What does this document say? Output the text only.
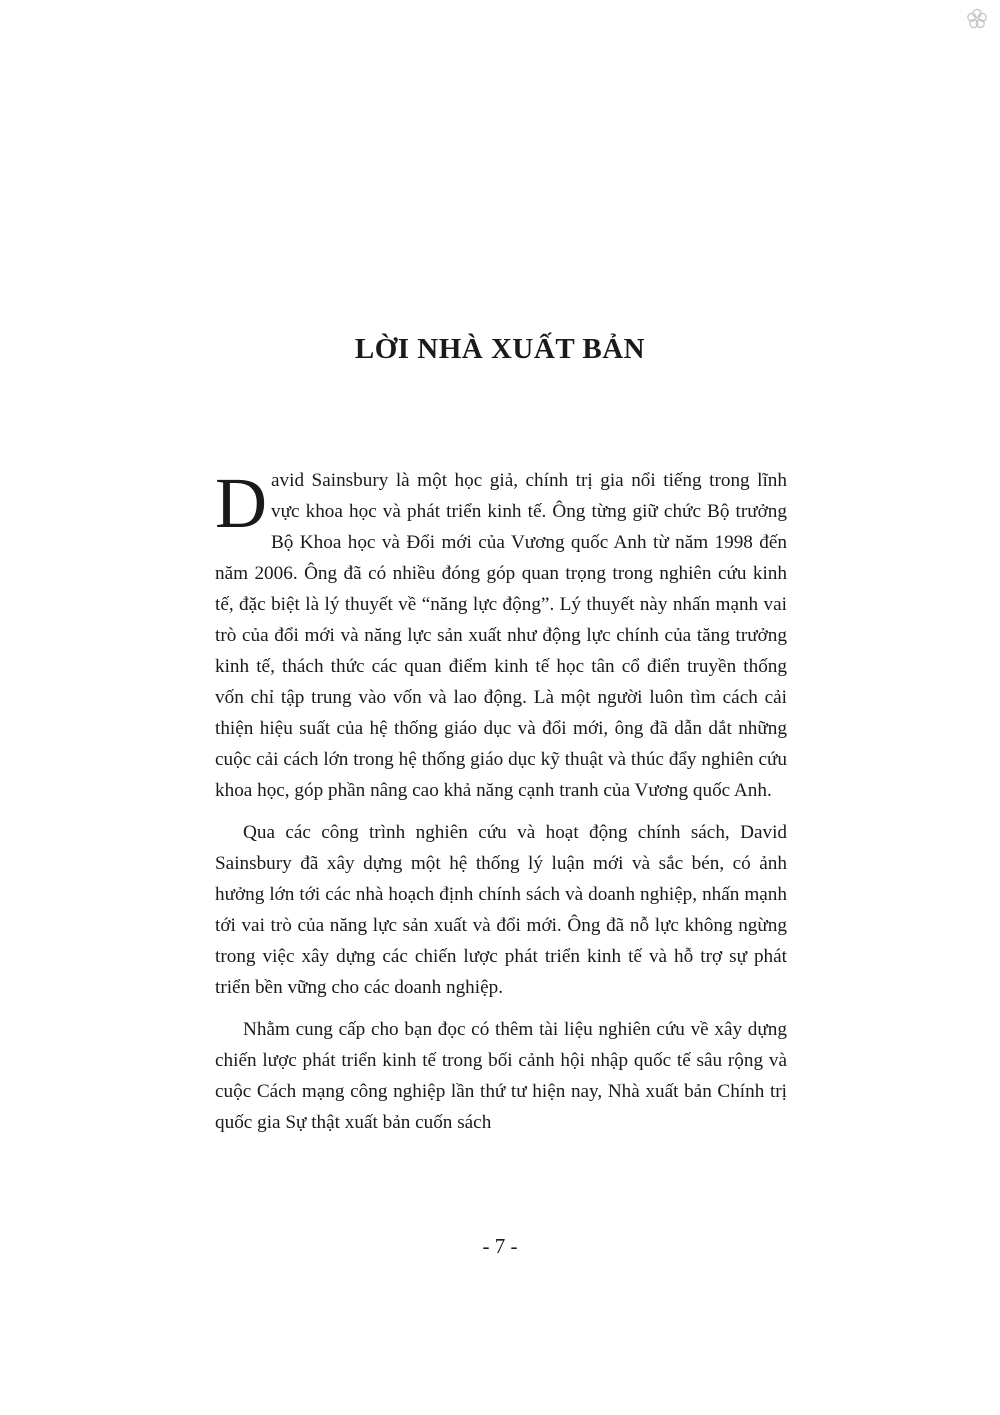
LỜI NHÀ XUẤT BẢN

David Sainsbury là một học giả, chính trị gia nổi tiếng trong lĩnh vực khoa học và phát triển kinh tế. Ông từng giữ chức Bộ trưởng Bộ Khoa học và Đổi mới của Vương quốc Anh từ năm 1998 đến năm 2006. Ông đã có nhiều đóng góp quan trọng trong nghiên cứu kinh tế, đặc biệt là lý thuyết về “năng lực động”. Lý thuyết này nhấn mạnh vai trò của đổi mới và năng lực sản xuất như động lực chính của tăng trưởng kinh tế, thách thức các quan điểm kinh tế học tân cổ điển truyền thống vốn chỉ tập trung vào vốn và lao động. Là một người luôn tìm cách cải thiện hiệu suất của hệ thống giáo dục và đổi mới, ông đã dẫn dắt những cuộc cải cách lớn trong hệ thống giáo dục kỹ thuật và thúc đẩy nghiên cứu khoa học, góp phần nâng cao khả năng cạnh tranh của Vương quốc Anh.

Qua các công trình nghiên cứu và hoạt động chính sách, David Sainsbury đã xây dựng một hệ thống lý luận mới và sắc bén, có ảnh hưởng lớn tới các nhà hoạch định chính sách và doanh nghiệp, nhấn mạnh tới vai trò của năng lực sản xuất và đổi mới. Ông đã nỗ lực không ngừng trong việc xây dựng các chiến lược phát triển kinh tế và hỗ trợ sự phát triển bền vững cho các doanh nghiệp.

Nhằm cung cấp cho bạn đọc có thêm tài liệu nghiên cứu về xây dựng chiến lược phát triển kinh tế trong bối cảnh hội nhập quốc tế sâu rộng và cuộc Cách mạng công nghiệp lần thứ tư hiện nay, Nhà xuất bản Chính trị quốc gia Sự thật xuất bản cuốn sách

- 7 -
